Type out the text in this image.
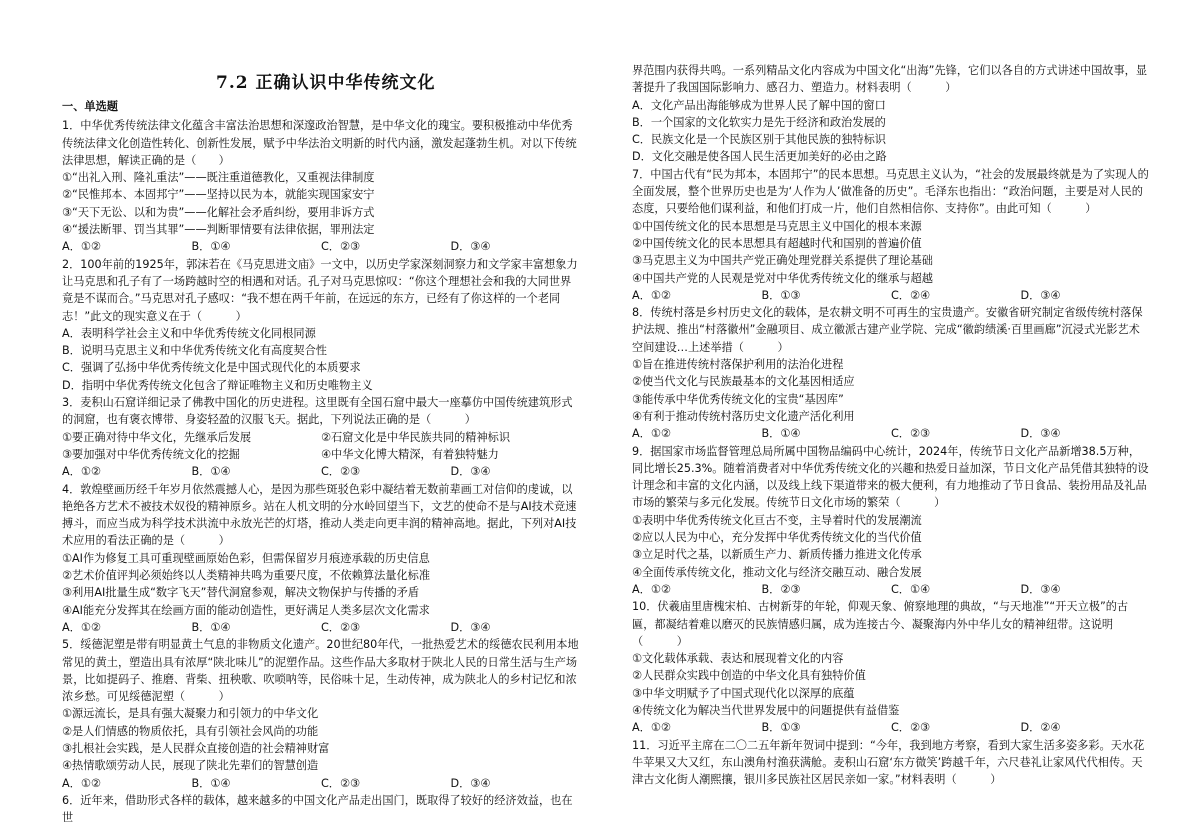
7.2 正确认识中华传统文化
一、单选题

1．中华优秀传统法律文化蕴含丰富法治思想和深邃政治智慧，是中华文化的瑰宝。要积极推动中华优秀传统法律文化创造性转化、创新性发展，赋予中华法治文明新的时代内涵，激发起蓬勃生机。对以下传统法律思想，解读正确的是（　　）

①“出礼入刑、隆礼重法”——既注重道德教化，又重视法律制度

②“民惟邦本、本固邦宁”——坚持以民为本，就能实现国家安宁

③“天下无讼、以和为贵”——化解社会矛盾纠纷，要用非诉方式

④“援法断罪、罚当其罪”——判断罪情要有法律依据，罪刑法定

A．①②	B．①④	C．②③	D．③④

2．100年前的1925年，郭沫若在《马克思进文庙》一文中，以历史学家深刻洞察力和文学家丰富想象力让马克思和孔子有了一场跨越时空的相遇和对话。孔子对马克思惊叹：“你这个理想社会和我的大同世界竟是不谋而合。”马克思对孔子感叹：“我不想在两千年前，在远远的东方，已经有了你这样的一个老同志！”此文的现实意义在于（　　　）

A．表明科学社会主义和中华优秀传统文化同根同源

B．说明马克思主义和中华优秀传统文化有高度契合性

C．强调了弘扬中华优秀传统文化是中国式现代化的本质要求

D．指明中华优秀传统文化包含了辩证唯物主义和历史唯物主义

3．麦积山石窟详细记录了佛教中国化的历史进程。这里既有全国石窟中最大一座摹仿中国传统建筑形式的洞窟，也有褒衣博带、身姿轻盈的汉服飞天。据此，下列说法正确的是（　　　）

①要正确对待中华文化，先继承后发展	②石窟文化是中华民族共同的精神标识
③要加强对中华优秀传统文化的挖掘	④中华文化博大精深，有着独特魅力
A．①②	B．①④	C．②③	D．③④

4．敦煌壁画历经千年岁月依然震撼人心，是因为那些斑驳色彩中凝结着无数前辈画工对信仰的虔诚，以艳绝各方艺术不被技术奴役的精神原乡。站在人机文明的分水岭回望当下，文艺的使命不是与AI技术竞速搏斗，而应当成为科学技术洪流中永放光芒的灯塔，推动人类走向更丰润的精神高地。据此，下列对AI技术应用的看法正确的是（　　　）

①AI作为修复工具可重现壁画原始色彩，但需保留岁月痕迹承载的历史信息

②艺术价值评判必须始终以人类精神共鸣为重要尺度，不依赖算法量化标准

③利用AI批量生成“数字飞天”替代洞窟参观，解决文物保护与传播的矛盾

④AI能充分发挥其在绘画方面的能动创造性，更好满足人类多层次文化需求

A．①②	B．①④	C．②③	D．③④

5．绥德泥塑是带有明显黄土气息的非物质文化遗产。20世纪80年代，一批热爱艺术的绥德农民利用本地常见的黄土，塑造出具有浓厚“陕北味儿”的泥塑作品。这些作品大多取材于陕北人民的日常生活与生产场景，比如提码子、推磨、背柴、扭秧歌、吹唢呐等，民俗味十足，生动传神，成为陕北人的乡村记忆和浓浓乡愁。可见绥德泥塑（　　　）

①源远流长，是具有强大凝聚力和引领力的中华文化

②是人们情感的物质依托，具有引领社会风尚的功能

③扎根社会实践，是人民群众直接创造的社会精神财富

④热情歌颂劳动人民，展现了陕北先辈们的智慧创造

A．①②	B．①④	C．②③	D．③④

6．近年来，借助形式各样的载体，越来越多的中国文化产品走出国门，既取得了较好的经济效益，也在世

界范围内获得共鸣。一系列精品文化内容成为中国文化“出海”先锋，它们以各自的方式讲述中国故事，显著提升了我国国际影响力、感召力、塑造力。材料表明（　　　）

A．文化产品出海能够成为世界人民了解中国的窗口

B．一个国家的文化软实力是先于经济和政治发展的

C．民族文化是一个民族区别于其他民族的独特标识

D．文化交融是使各国人民生活更加美好的必由之路

7．中国古代有“民为邦本，本固邦宁”的民本思想。马克思主义认为，“社会的发展最终就是为了实现人的全面发展，整个世界历史也是为‘人作为人’做准备的历史”。毛泽东也指出：“政治问题，主要是对人民的态度，只要给他们谋利益，和他们打成一片，他们自然相信你、支持你”。由此可知（　　　）

①中国传统文化的民本思想是马克思主义中国化的根本来源

②中国传统文化的民本思想具有超越时代和国别的普遍价值

③马克思主义为中国共产党正确处理党群关系提供了理论基础

④中国共产党的人民观是党对中华优秀传统文化的继承与超越

A．①②	B．①③	C．②④	D．③④

8．传统村落是乡村历史文化的载体，是农耕文明不可再生的宝贵遗产。安徽省研究制定省级传统村落保护法规、推出“村落徽州”金融项目、成立徽派古建产业学院、完成“徽韵绩溪·百里画廊”沉浸式光影艺术空间建设…上述举措（　　　）

①旨在推进传统村落保护利用的法治化进程

②使当代文化与民族最基本的文化基因相适应

③能传承中华优秀传统文化的宝贵“基因库”

④有利于推动传统村落历史文化遗产活化利用

A．①②	B．①④	C．②③	D．③④

9．据国家市场监督管理总局所属中国物品编码中心统计，2024年，传统节日文化产品新增38.5万种，同比增长25.3%。随着消费者对中华优秀传统文化的兴趣和热爱日益加深，节日文化产品凭借其独特的设计理念和丰富的文化内涵，以及线上线下渠道带来的极大便利，有力地推动了节日食品、装扮用品及礼品市场的繁荣与多元化发展。传统节日文化市场的繁荣（　　　）

①表明中华优秀传统文化亘古不变，主导着时代的发展潮流

②应以人民为中心，充分发挥中华优秀传统文化的当代价值

③立足时代之基，以新质生产力、新质传播力推进文化传承

④全面传承传统文化，推动文化与经济交融互动、融合发展

A．①②	B．②③	C．①④	D．③④

10．伏羲庙里唐槐宋柏、古树新芽的年轮，仰观天象、俯察地理的典故，“与天地准”“开天立极”的古匾，都凝结着难以磨灭的民族情感归属，成为连接古今、凝聚海内外中华儿女的精神纽带。这说明（　　　）

①文化载体承载、表达和展现着文化的内容

②人民群众实践中创造的中华文化具有独特价值

③中华文明赋予了中国式现代化以深厚的底蕴

④传统文化为解决当代世界发展中的问题提供有益借鉴

A．①②	B．①③	C．②③	D．②④

11．习近平主席在二〇二五年新年贺词中提到：“今年，我到地方考察，看到大家生活多姿多彩。天水花牛苹果又大又红，东山澳角村渔获满舱。麦积山石窟‘东方微笑’跨越千年，六尺巷礼让家风代代相传。天津古文化街人潮熙攘，银川多民族社区居民亲如一家。”材料表明（　　　）
